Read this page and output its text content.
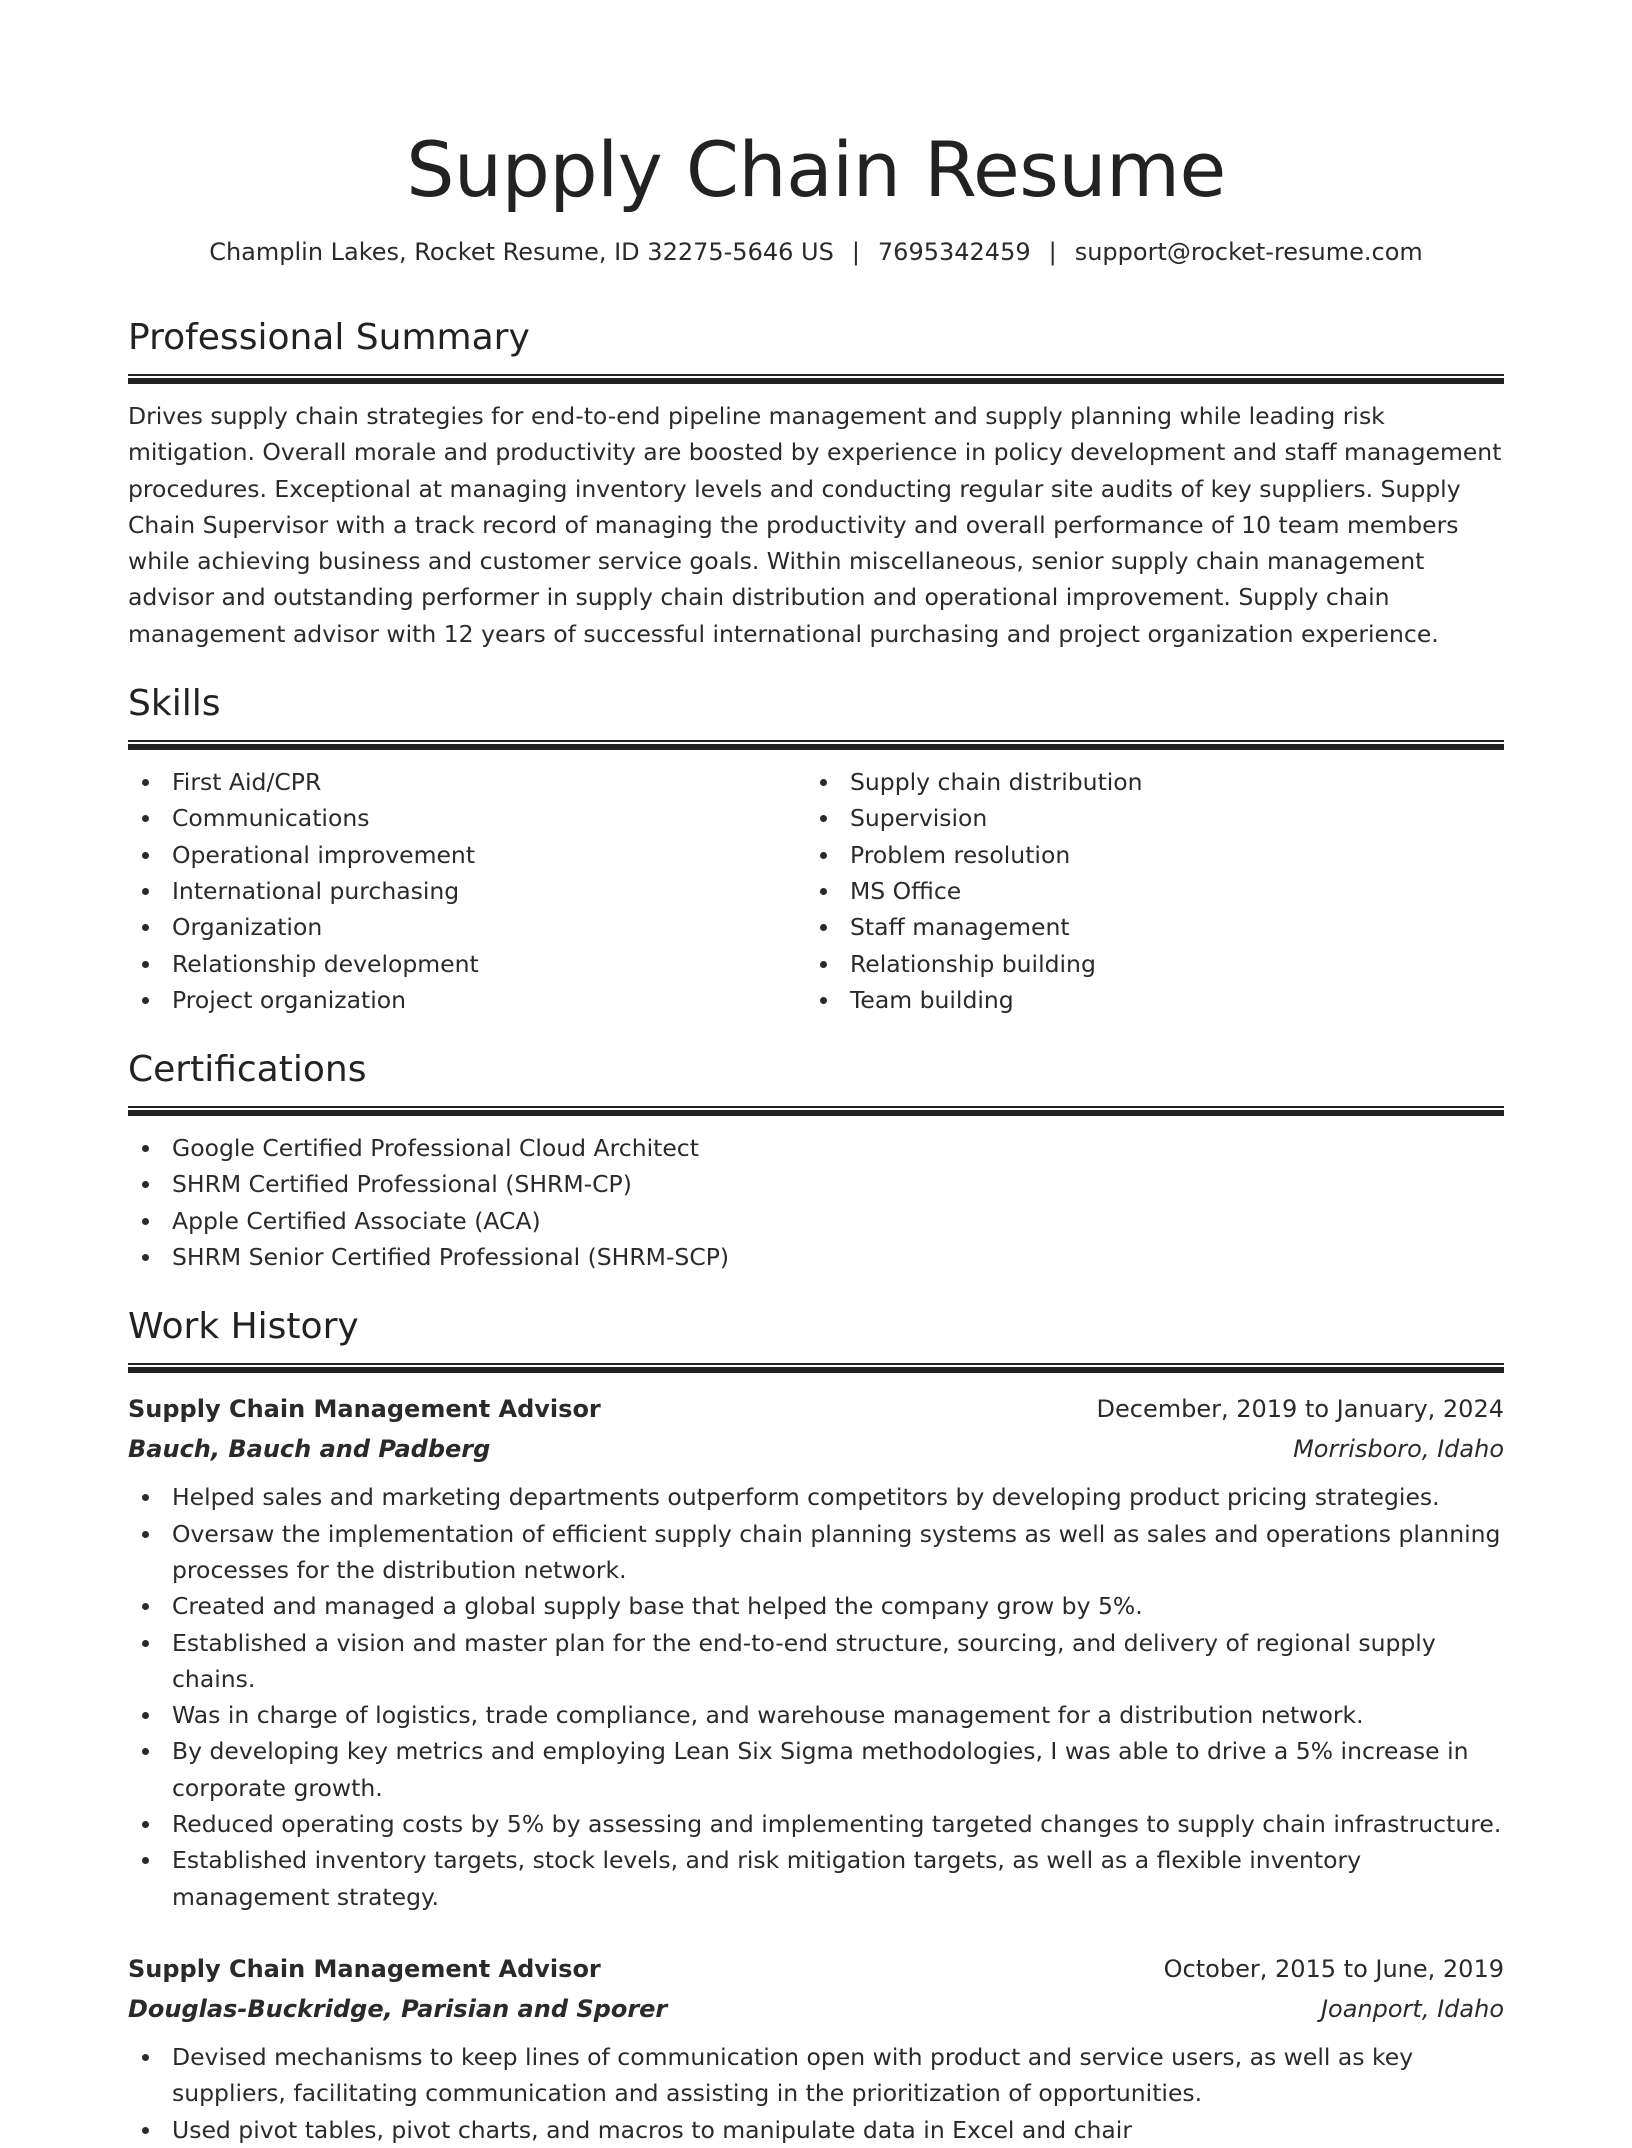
Supply Chain Resume
Champlin Lakes, Rocket Resume, ID 32275-5646 US | 7695342459 | support@rocket-resume.com
Professional Summary
Drives supply chain strategies for end-to-end pipeline management and supply planning while leading risk mitigation. Overall morale and productivity are boosted by experience in policy development and staff management procedures. Exceptional at managing inventory levels and conducting regular site audits of key suppliers. Supply Chain Supervisor with a track record of managing the productivity and overall performance of 10 team members while achieving business and customer service goals. Within miscellaneous, senior supply chain management advisor and outstanding performer in supply chain distribution and operational improvement. Supply chain management advisor with 12 years of successful international purchasing and project organization experience.
Skills
First Aid/CPR
Communications
Operational improvement
International purchasing
Organization
Relationship development
Project organization
Supply chain distribution
Supervision
Problem resolution
MS Office
Staff management
Relationship building
Team building
Certifications
Google Certified Professional Cloud Architect
SHRM Certified Professional (SHRM-CP)
Apple Certified Associate (ACA)
SHRM Senior Certified Professional (SHRM-SCP)
Work History
Supply Chain Management Advisor	December, 2019 to January, 2024
Bauch, Bauch and Padberg	Morrisboro, Idaho
Helped sales and marketing departments outperform competitors by developing product pricing strategies.
Oversaw the implementation of efficient supply chain planning systems as well as sales and operations planning processes for the distribution network.
Created and managed a global supply base that helped the company grow by 5%.
Established a vision and master plan for the end-to-end structure, sourcing, and delivery of regional supply chains.
Was in charge of logistics, trade compliance, and warehouse management for a distribution network.
By developing key metrics and employing Lean Six Sigma methodologies, I was able to drive a 5% increase in corporate growth.
Reduced operating costs by 5% by assessing and implementing targeted changes to supply chain infrastructure.
Established inventory targets, stock levels, and risk mitigation targets, as well as a flexible inventory management strategy.
Supply Chain Management Advisor	October, 2015 to June, 2019
Douglas-Buckridge, Parisian and Sporer	Joanport, Idaho
Devised mechanisms to keep lines of communication open with product and service users, as well as key suppliers, facilitating communication and assisting in the prioritization of opportunities.
Used pivot tables, pivot charts, and macros to manipulate data in Excel and chair
